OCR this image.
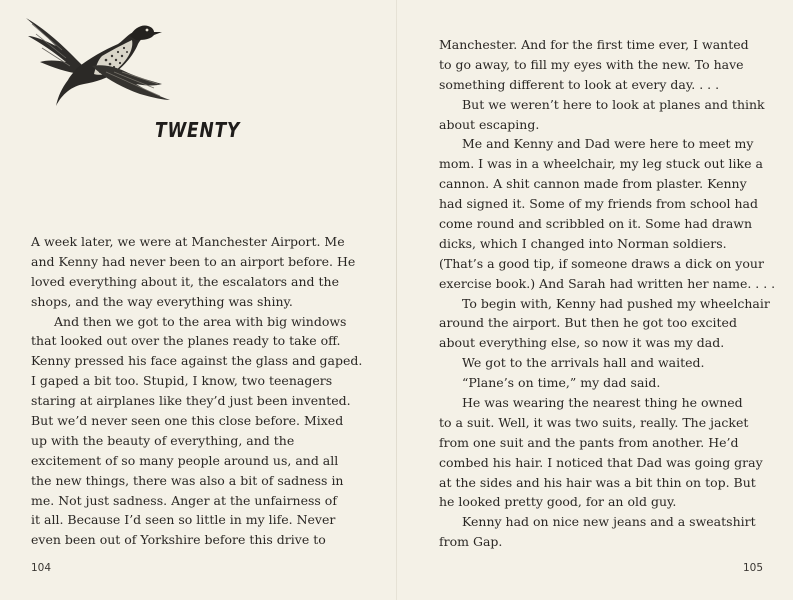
TWENTY
A week later, we were at Manchester Airport. Me
and Kenny had never been to an airport before. He
loved everything about it, the escalators and the
shops, and the way everything was shiny.
And then we got to the area with big windows
that looked out over the planes ready to take off.
Kenny pressed his face against the glass and gaped.
I gaped a bit too. Stupid, I know, two teenagers
staring at airplanes like they’d just been invented.
But we’d never seen one this close before. Mixed
up with the beauty of everything, and the
excitement of so many people around us, and all
the new things, there was also a bit of sadness in
me. Not just sadness. Anger at the unfairness of
it all. Because I’d seen so little in my life. Never
even been out of Yorkshire before this drive to
104
Manchester. And for the first time ever, I wanted
to go away, to fill my eyes with the new. To have
something different to look at every day. . . .
But we weren’t here to look at planes and think
about escaping.
Me and Kenny and Dad were here to meet my
mom. I was in a wheelchair, my leg stuck out like a
cannon. A shit cannon made from plaster. Kenny
had signed it. Some of my friends from school had
come round and scribbled on it. Some had drawn
dicks, which I changed into Norman soldiers.
(That’s a good tip, if someone draws a dick on your
exercise book.) And Sarah had written her name. . . .
To begin with, Kenny had pushed my wheelchair
around the airport. But then he got too excited
about everything else, so now it was my dad.
We got to the arrivals hall and waited.
“Plane’s on time,” my dad said.
He was wearing the nearest thing he owned
to a suit. Well, it was two suits, really. The jacket
from one suit and the pants from another. He’d
combed his hair. I noticed that Dad was going gray
at the sides and his hair was a bit thin on top. But
he looked pretty good, for an old guy.
Kenny had on nice new jeans and a sweatshirt
from Gap.
105
